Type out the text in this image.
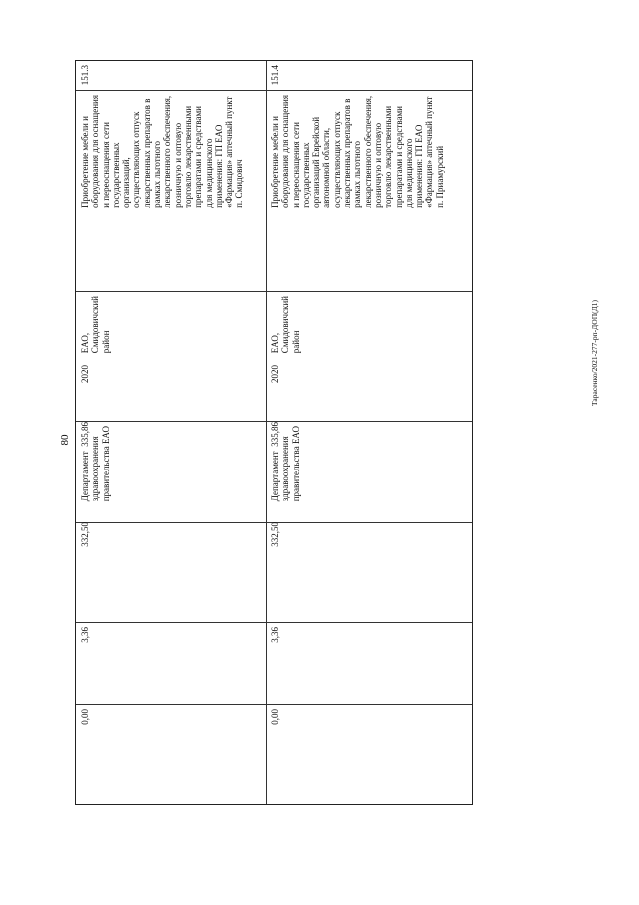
80
Тарасенко/2021-277-рп-ДОП(Д1)
151.3
Приобретение мебели и
оборудования для оснащения
и переоснащения сети
государственных
организаций,
осуществляющих отпуск
лекарственных препаратов в
рамках льготного
лекарственного обеспечения,
розничную и оптовую
торговлю лекарственными
препаратами и средствами
для медицинского
применения: ГП ЕАО
«Фармация» аптечный пункт
п. Смидович
ЕАО,
Смидовичский
район
Департамент
здравоохранения
правительства ЕАО
2020
335,86
332,50
3,36
0,00
151.4
Приобретение мебели и
оборудования для оснащения
и переоснащения сети
государственных
организаций Еврейской
автономной области,
осуществляющих отпуск
лекарственных препаратов в
рамках льготного
лекарственного обеспечения,
розничную и оптовую
торговлю лекарственными
препаратами и средствами
для медицинского
применения: ГП ЕАО
«Фармация» аптечный пункт
п. Приамурский
ЕАО,
Смидовичский
район
Департамент
здравоохранения
правительства ЕАО
2020
335,86
332,50
3,36
0,00
